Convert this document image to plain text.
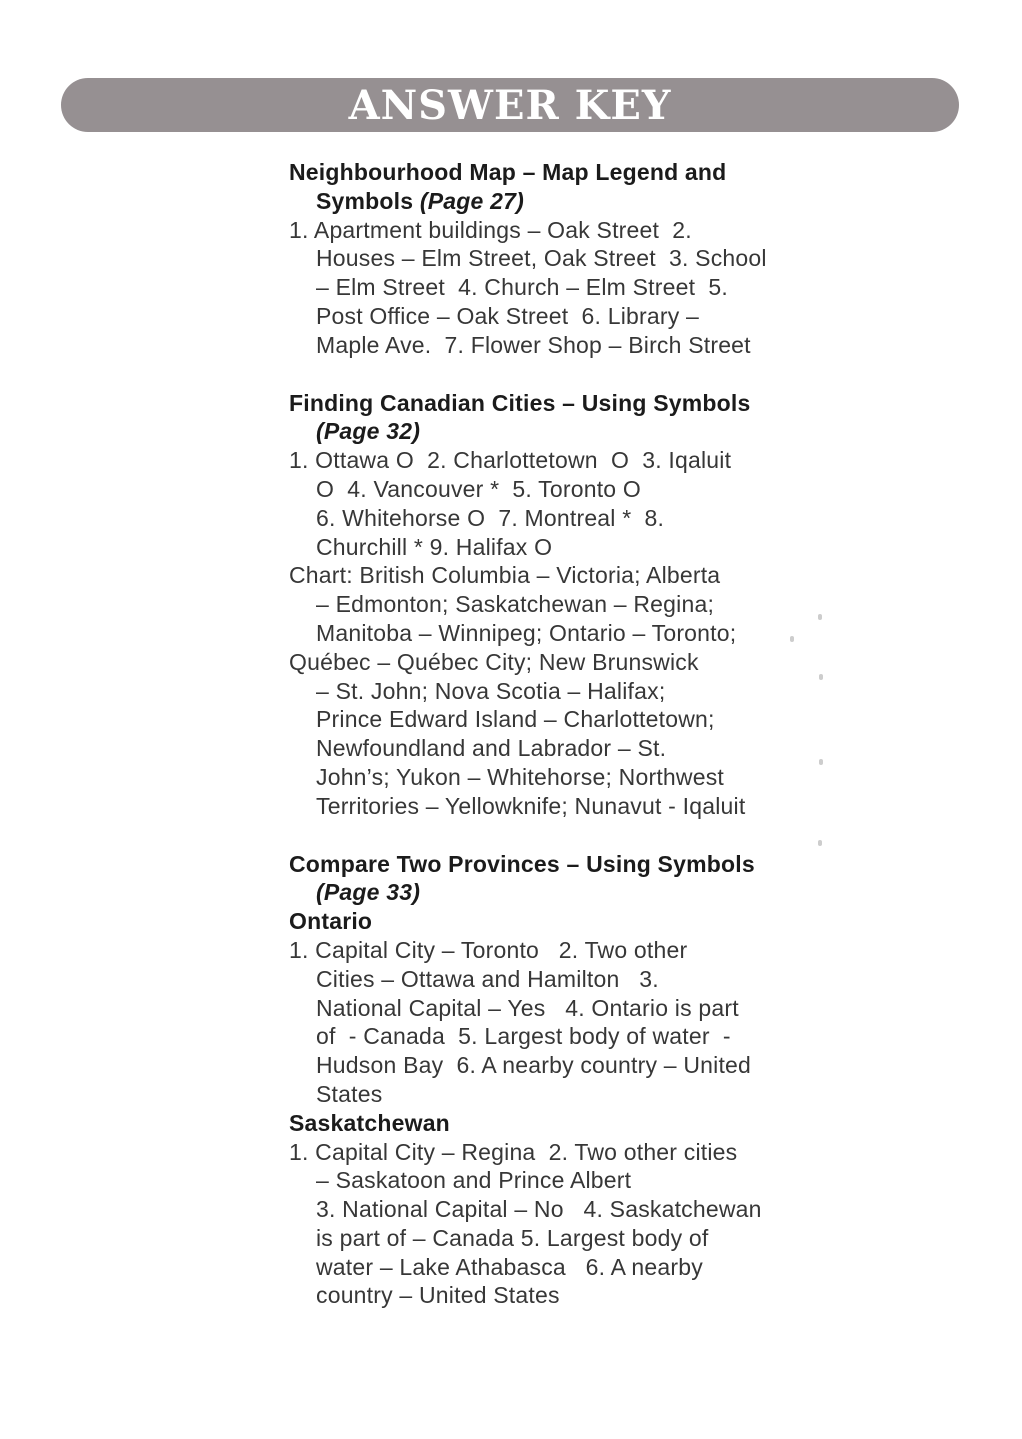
ANSWER KEY
Neighbourhood Map – Map Legend and
Symbols (Page 27)
1. Apartment buildings – Oak Street  2.
Houses – Elm Street, Oak Street  3. School
– Elm Street  4. Church – Elm Street  5.
Post Office – Oak Street  6. Library –
Maple Ave.  7. Flower Shop – Birch Street
Finding Canadian Cities – Using Symbols
(Page 32)
1. Ottawa O  2. Charlottetown  O  3. Iqaluit
O  4. Vancouver *  5. Toronto O
6. Whitehorse O  7. Montreal *  8.
Churchill * 9. Halifax O
Chart: British Columbia – Victoria; Alberta
– Edmonton; Saskatchewan – Regina;
Manitoba – Winnipeg; Ontario – Toronto;
Québec – Québec City; New Brunswick
– St. John; Nova Scotia – Halifax;
Prince Edward Island – Charlottetown;
Newfoundland and Labrador – St.
John’s; Yukon – Whitehorse; Northwest
Territories – Yellowknife; Nunavut - Iqaluit
Compare Two Provinces – Using Symbols
(Page 33)
Ontario
1. Capital City – Toronto   2. Two other
Cities – Ottawa and Hamilton   3.
National Capital – Yes   4. Ontario is part
of  - Canada  5. Largest body of water  -
Hudson Bay  6. A nearby country – United
States
Saskatchewan
1. Capital City – Regina  2. Two other cities
– Saskatoon and Prince Albert
3. National Capital – No   4. Saskatchewan
is part of – Canada 5. Largest body of
water – Lake Athabasca   6. A nearby
country – United States
